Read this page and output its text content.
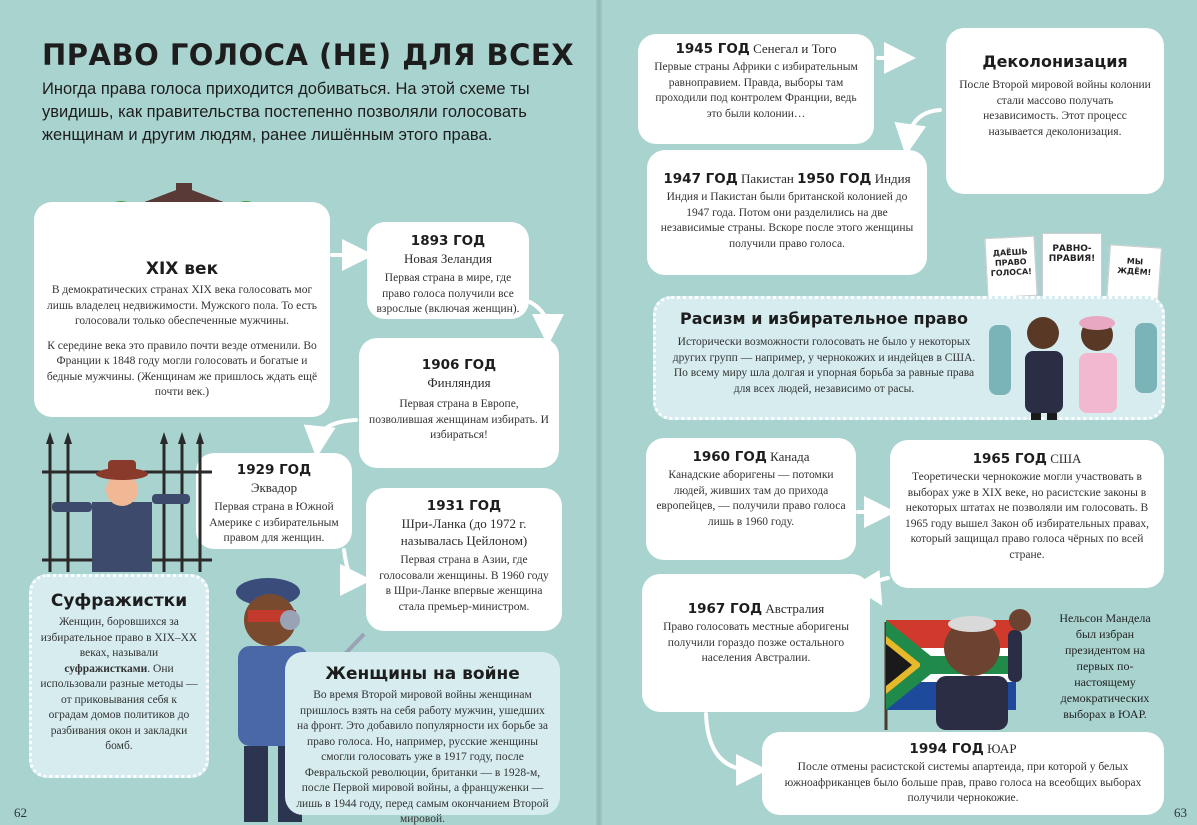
ПРАВО ГОЛОСА (НЕ) ДЛЯ ВСЕХ
Иногда права голоса приходится добиваться. На этой схеме ты увидишь, как правительства постепенно позволяли голосовать женщинам и другим людям, ранее лишённым этого права.
XIX век
В демократических странах XIX века голосовать мог лишь владелец недвижимости. Мужского пола. То есть голосовали только обеспеченные мужчины.
К середине века это правило почти везде отменили. Во Франции к 1848 году могли голосовать и богатые и бедные мужчины. (Женщинам же пришлось ждать ещё почти век.)
1893 ГОД
Новая Зеландия
Первая страна в мире, где право голоса получили все взрослые (включая женщин).
1906 ГОД
Финляндия
Первая страна в Европе, позволившая женщинам избирать. И избираться!
1929 ГОД
Эквадор
Первая страна в Южной Америке с избирательным правом для женщин.
1931 ГОД
Шри-Ланка (до 1972 г. называлась Цейлоном)
Первая страна в Азии, где голосовали женщины. В 1960 году в Шри-Ланке впервые женщина стала премьер-министром.
Суфражистки
Женщин, боровшихся за избирательное право в XIX–XX веках, называли суфражистками. Они использовали разные методы — от приковывания себя к оградам домов политиков до разбивания окон и закладки бомб.
Женщины на войне
Во время Второй мировой войны женщинам пришлось взять на себя работу мужчин, ушедших на фронт. Это добавило популярности их борьбе за право голоса. Но, например, русские женщины смогли голосовать уже в 1917 году, после Февральской революции, британки — в 1928-м, после Первой мировой войны, а француженки — лишь в 1944 году, перед самым окончанием Второй мировой.
1945 ГОД Сенегал и Того
Первые страны Африки с избирательным равноправием. Правда, выборы там проходили под контролем Франции, ведь это были колонии…
Деколонизация
После Второй мировой войны колонии стали массово получать независимость. Этот процесс называется деколонизация.
1947 ГОД Пакистан 1950 ГОД Индия
Индия и Пакистан были британской колонией до 1947 года. Потом они разделились на две независимые страны. Вскоре после этого женщины получили право голоса.
ДАЁШЬ ПРАВО ГОЛОСА!
РАВНО-ПРАВИЯ!	МЫ ЖДЁМ!
Расизм и избирательное право
Исторически возможности голосовать не было у некоторых других групп — например, у чернокожих и индейцев в США. По всему миру шла долгая и упорная борьба за равные права для всех людей, независимо от расы.
1960 ГОД Канада
Канадские аборигены — потомки людей, живших там до прихода европейцев, — получили право голоса лишь в 1960 году.
1965 ГОД США
Теоретически чернокожие могли участвовать в выборах уже в XIX веке, но расистские законы в некоторых штатах не позволяли им голосовать. В 1965 году вышел Закон об избирательных правах, который защищал право голоса чёрных по всей стране.
1967 ГОД Австралия
Право голосовать местные аборигены получили гораздо позже остального населения Австралии.
Нельсон Мандела был избран президентом на первых по-настоящему демократических выборах в ЮАР.
1994 ГОД ЮАР
После отмены расистской системы апартеида, при которой у белых южноафриканцев было больше прав, право голоса на всеобщих выборах получили чернокожие.
62	63
